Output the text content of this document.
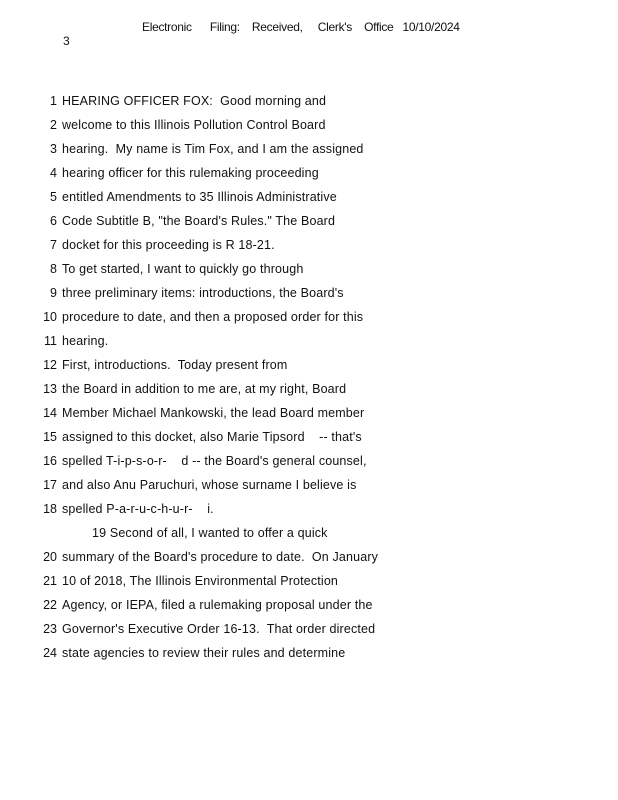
Electronic      Filing:    Received,     Clerk's    Office   10/10/2024
3
1 HEARING OFFICER FOX:  Good morning and
2 welcome to this Illinois Pollution Control Board
3 hearing.  My name is Tim Fox, and I am the assigned
4 hearing officer for this rulemaking proceeding
5 entitled Amendments to 35 Illinois Administrative
6 Code Subtitle B, "the Board's Rules." The Board
7 docket for this proceeding is R 18-21.
8 To get started, I want to quickly go through
9 three preliminary items: introductions, the Board's
10 procedure to date, and then a proposed order for this
11 hearing.
12 First, introductions.  Today present from
13 the Board in addition to me are, at my right, Board
14 Member Michael Mankowski, the lead Board member
15 assigned to this docket, also Marie Tipsord    -- that's
16 spelled T-i-p-s-o-r-    d -- the Board's general counsel,
17 and also Anu Paruchuri, whose surname I believe is
18 spelled P-a-r-u-c-h-u-r-    i.
19 Second of all, I wanted to offer a quick
20 summary of the Board's procedure to date.  On January
21 10 of 2018, The Illinois Environmental Protection
22 Agency, or IEPA, filed a rulemaking proposal under the
23 Governor's Executive Order 16-13.  That order directed
24 state agencies to review their rules and determine
